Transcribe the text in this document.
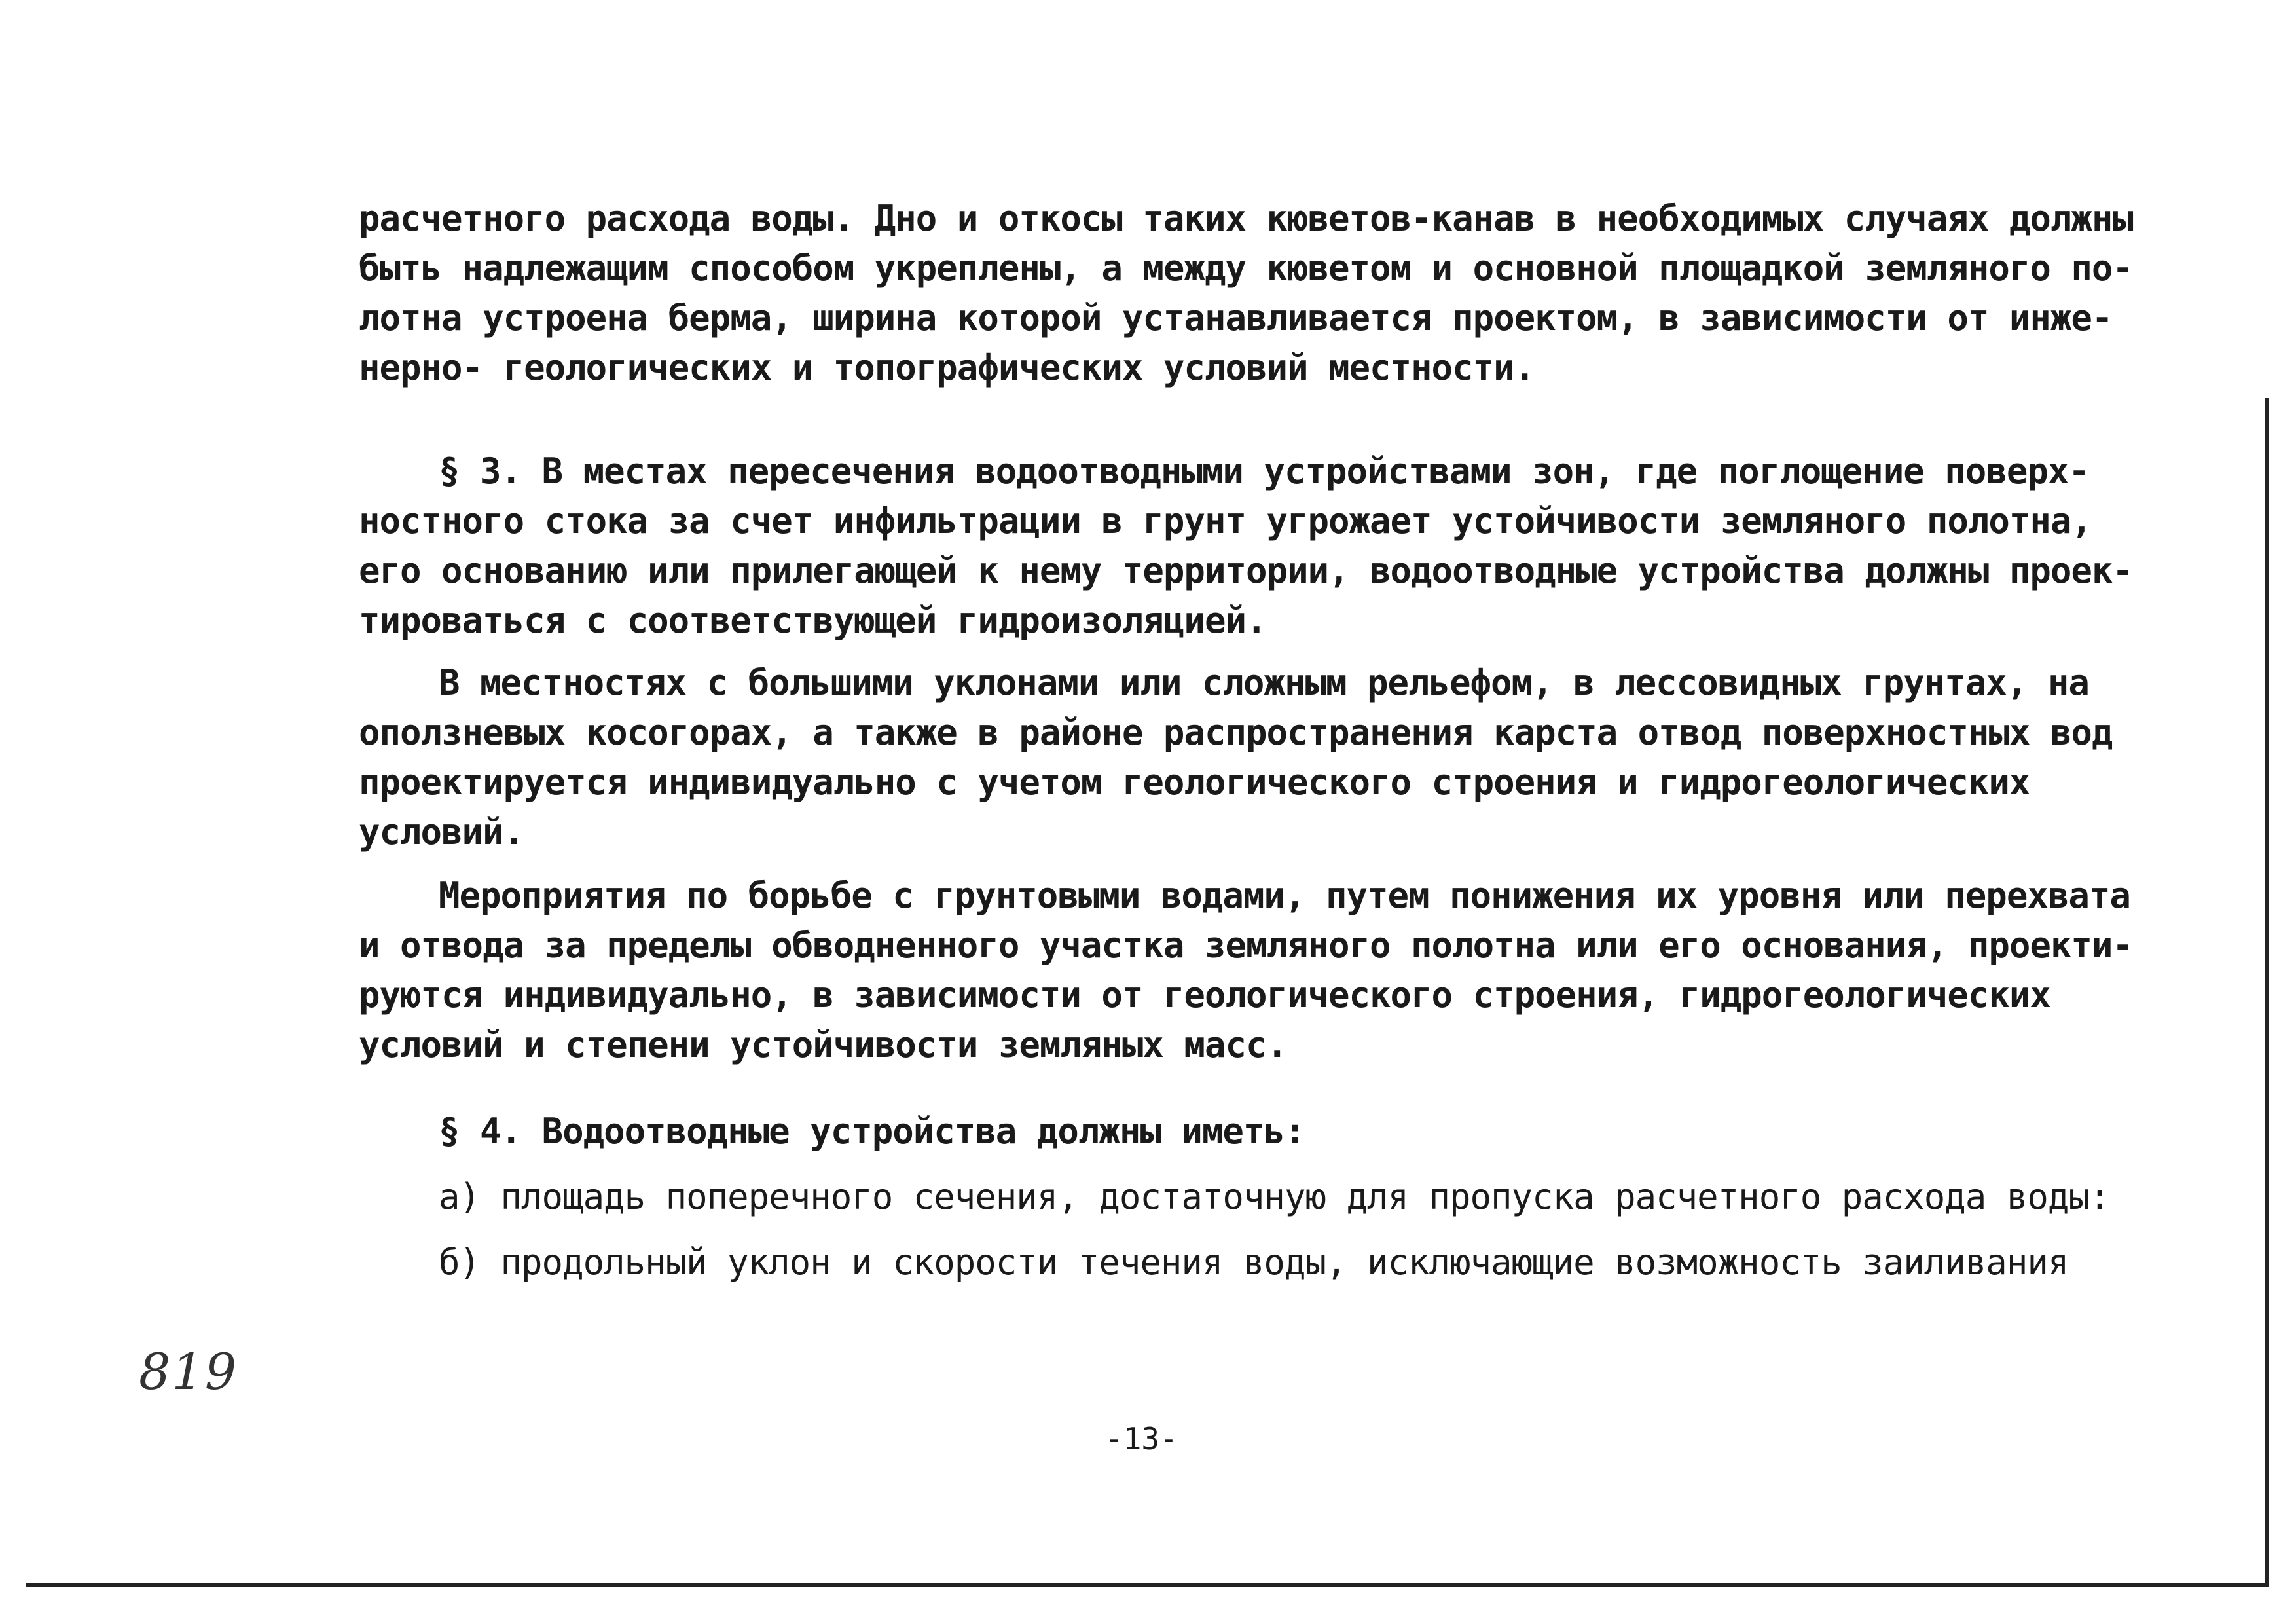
расчетного расхода воды. Дно и откосы таких кюветов-канав в необходимых случаях должны
быть надлежащим способом укреплены, а между кюветом и основной площадкой земляного по-
лотна устроена берма, ширина которой устанавливается проектом, в зависимости от инже-
нерно- геологических и топографических условий местности.
§ 3. В местах пересечения водоотводными устройствами зон, где поглощение поверх-
ностного стока за счет инфильтрации в грунт угрожает устойчивости земляного полотна,
его основанию или прилегающей к нему территории, водоотводные устройства должны проек-
тироваться с соответствующей гидроизоляцией.
В местностях с большими уклонами или сложным рельефом, в лессовидных грунтах, на
оползневых косогорах, а также в районе распространения карста отвод поверхностных вод
проектируется индивидуально с учетом геологического строения и гидрогеологических
условий.
Мероприятия по борьбе с грунтовыми водами, путем понижения их уровня или перехвата
и отвода за пределы обводненного участка земляного полотна или его основания, проекти-
руются индивидуально, в зависимости от геологического строения, гидрогеологических
условий и степени устойчивости земляных масс.
§ 4. Водоотводные устройства должны иметь:
а) площадь поперечного сечения, достаточную для пропуска расчетного расхода воды:
б) продольный уклон и скорости течения воды, исключающие возможность заиливания
819
-13-
